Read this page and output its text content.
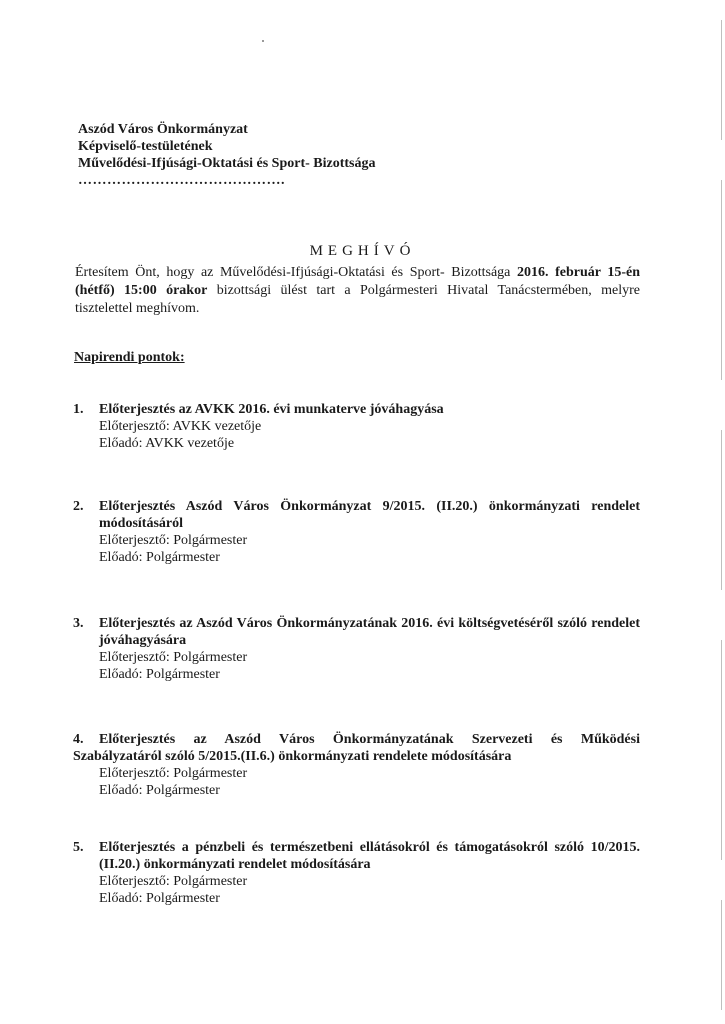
Aszód Város Önkormányzat
Képviselő-testületének
Művelődési-Ifjúsági-Oktatási és Sport- Bizottsága
…………………………………….
MEGHÍVÓ
Értesítem Önt, hogy az Művelődési-Ifjúsági-Oktatási és Sport- Bizottsága 2016. február 15-én (hétfő) 15:00 órakor bizottsági ülést tart a Polgármesteri Hivatal Tanácstermében, melyre tisztelettel meghívom.
Napirendi pontok:
1.	Előterjesztés az AVKK 2016. évi munkaterve jóváhagyása
Előterjesztő: AVKK vezetője
Előadó: AVKK vezetője
2.	Előterjesztés Aszód Város Önkormányzat 9/2015. (II.20.) önkormányzati rendelet módosításáról
Előterjesztő: Polgármester
Előadó: Polgármester
3.	Előterjesztés az Aszód Város Önkormányzatának 2016. évi költségvetéséről szóló rendelet jóváhagyására
Előterjesztő: Polgármester
Előadó: Polgármester
4.	Előterjesztés az Aszód Város Önkormányzatának Szervezeti és Működési
Szabályzatáról szóló 5/2015.(II.6.) önkormányzati rendelete módosítására
Előterjesztő: Polgármester
Előadó: Polgármester
5.	Előterjesztés a pénzbeli és természetbeni ellátásokról és támogatásokról szóló 10/2015. (II.20.) önkormányzati rendelet módosítására
Előterjesztő: Polgármester
Előadó: Polgármester
